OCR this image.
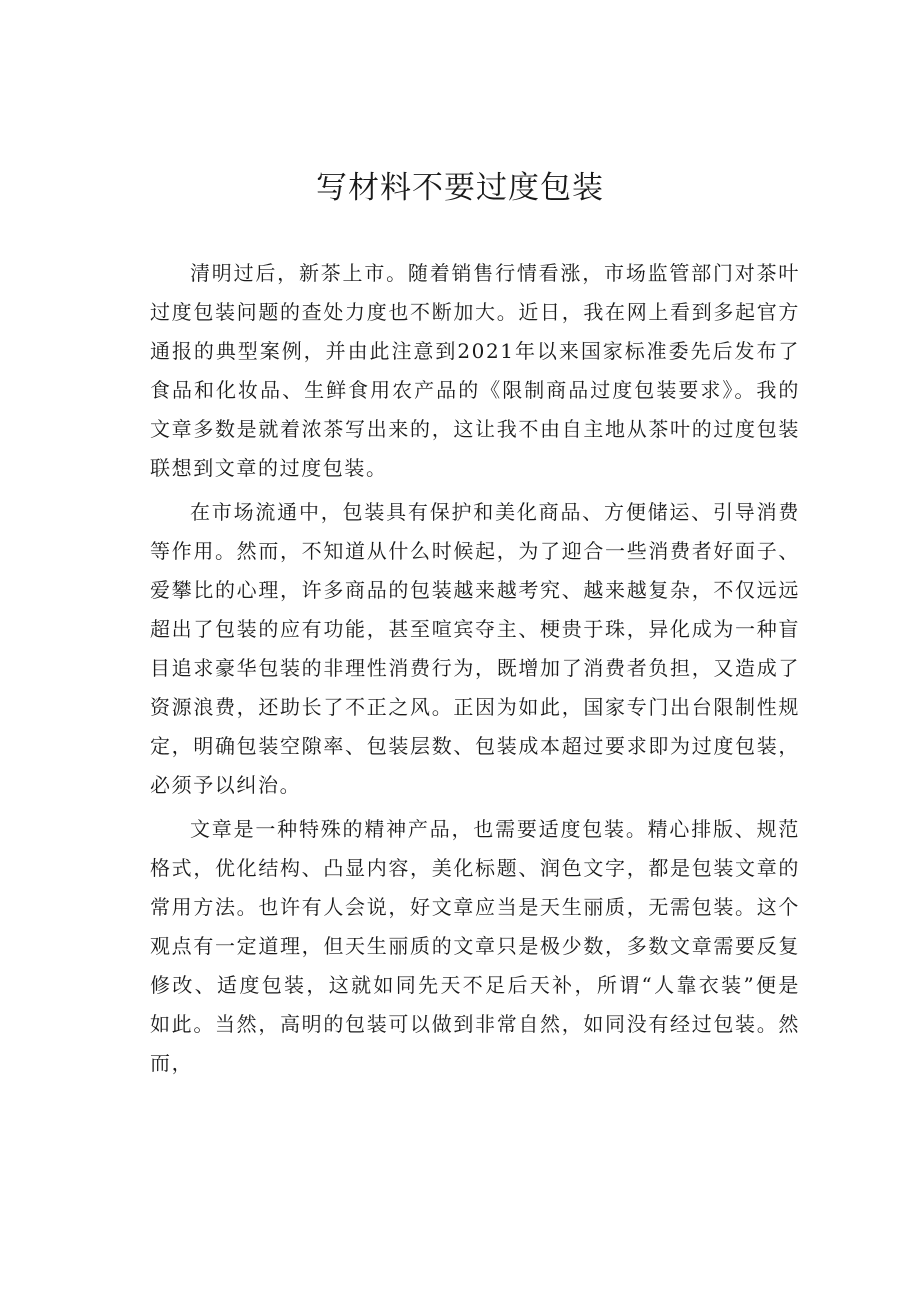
写材料不要过度包装

清明过后，新茶上市。随着销售行情看涨，市场监管部门对茶叶过度包装问题的查处力度也不断加大。近日，我在网上看到多起官方通报的典型案例，并由此注意到2021年以来国家标准委先后发布了食品和化妆品、生鲜食用农产品的《限制商品过度包装要求》。我的文章多数是就着浓茶写出来的，这让我不由自主地从茶叶的过度包装联想到文章的过度包装。

在市场流通中，包装具有保护和美化商品、方便储运、引导消费等作用。然而，不知道从什么时候起，为了迎合一些消费者好面子、爱攀比的心理，许多商品的包装越来越考究、越来越复杂，不仅远远超出了包装的应有功能，甚至喧宾夺主、梗贵于珠，异化成为一种盲目追求豪华包装的非理性消费行为，既增加了消费者负担，又造成了资源浪费，还助长了不正之风。正因为如此，国家专门出台限制性规定，明确包装空隙率、包装层数、包装成本超过要求即为过度包装，必须予以纠治。

文章是一种特殊的精神产品，也需要适度包装。精心排版、规范格式，优化结构、凸显内容，美化标题、润色文字，都是包装文章的常用方法。也许有人会说，好文章应当是天生丽质，无需包装。这个观点有一定道理，但天生丽质的文章只是极少数，多数文章需要反复修改、适度包装，这就如同先天不足后天补，所谓“人靠衣装”便是如此。当然，高明的包装可以做到非常自然，如同没有经过包装。然而，
